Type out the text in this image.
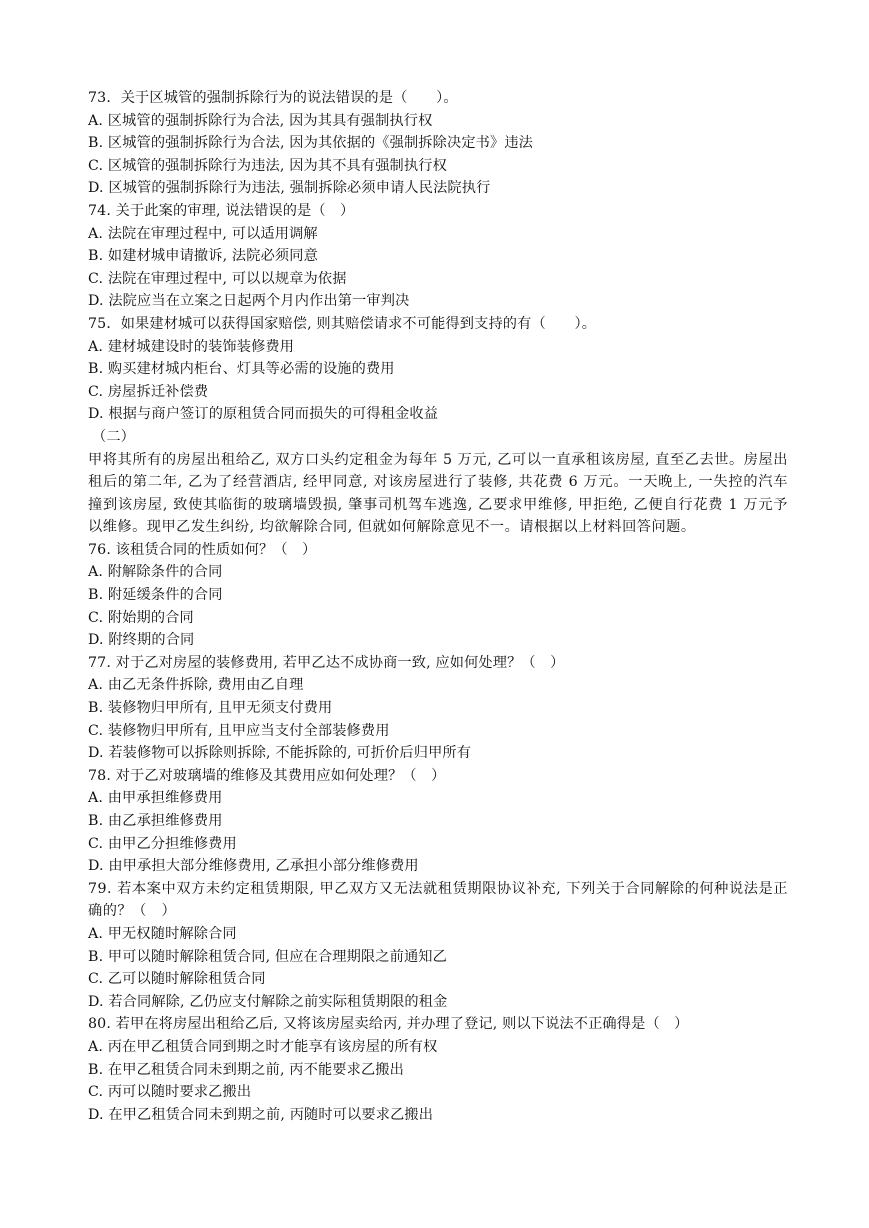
73．关于区城管的强制拆除行为的说法错误的是（　　）。
A. 区城管的强制拆除行为合法, 因为其具有强制执行权
B. 区城管的强制拆除行为合法, 因为其依据的《强制拆除决定书》违法
C. 区城管的强制拆除行为违法, 因为其不具有强制执行权
D. 区城管的强制拆除行为违法, 强制拆除必须申请人民法院执行
74. 关于此案的审理, 说法错误的是（　）
A. 法院在审理过程中, 可以适用调解
B. 如建材城申请撤诉, 法院必须同意
C. 法院在审理过程中, 可以以规章为依据
D. 法院应当在立案之日起两个月内作出第一审判决
75．如果建材城可以获得国家赔偿, 则其赔偿请求不可能得到支持的有（　　）。
A. 建材城建设时的装饰装修费用
B. 购买建材城内柜台、灯具等必需的设施的费用
C. 房屋拆迁补偿费
D. 根据与商户签订的原租赁合同而损失的可得租金收益
（二）
甲将其所有的房屋出租给乙, 双方口头约定租金为每年 5 万元, 乙可以一直承租该房屋, 直至乙去世。房屋出租后的第二年, 乙为了经营酒店, 经甲同意, 对该房屋进行了装修, 共花费 6 万元。一天晚上, 一失控的汽车撞到该房屋, 致使其临街的玻璃墙毁损, 肇事司机驾车逃逸, 乙要求甲维修, 甲拒绝, 乙便自行花费 1 万元予以维修。现甲乙发生纠纷, 均欲解除合同, 但就如何解除意见不一。请根据以上材料回答问题。
76. 该租赁合同的性质如何？（　）
A. 附解除条件的合同
B. 附延缓条件的合同
C. 附始期的合同
D. 附终期的合同
77. 对于乙对房屋的装修费用, 若甲乙达不成协商一致, 应如何处理？（　）
A. 由乙无条件拆除, 费用由乙自理
B. 装修物归甲所有, 且甲无须支付费用
C. 装修物归甲所有, 且甲应当支付全部装修费用
D. 若装修物可以拆除则拆除, 不能拆除的, 可折价后归甲所有
78. 对于乙对玻璃墙的维修及其费用应如何处理？（　）
A. 由甲承担维修费用
B. 由乙承担维修费用
C. 由甲乙分担维修费用
D. 由甲承担大部分维修费用, 乙承担小部分维修费用
79. 若本案中双方未约定租赁期限, 甲乙双方又无法就租赁期限协议补充, 下列关于合同解除的何种说法是正确的？（　）
A. 甲无权随时解除合同
B. 甲可以随时解除租赁合同, 但应在合理期限之前通知乙
C. 乙可以随时解除租赁合同
D. 若合同解除, 乙仍应支付解除之前实际租赁期限的租金
80. 若甲在将房屋出租给乙后, 又将该房屋卖给丙, 并办理了登记, 则以下说法不正确得是（　）
A. 丙在甲乙租赁合同到期之时才能享有该房屋的所有权
B. 在甲乙租赁合同未到期之前, 丙不能要求乙搬出
C. 丙可以随时要求乙搬出
D. 在甲乙租赁合同未到期之前, 丙随时可以要求乙搬出
